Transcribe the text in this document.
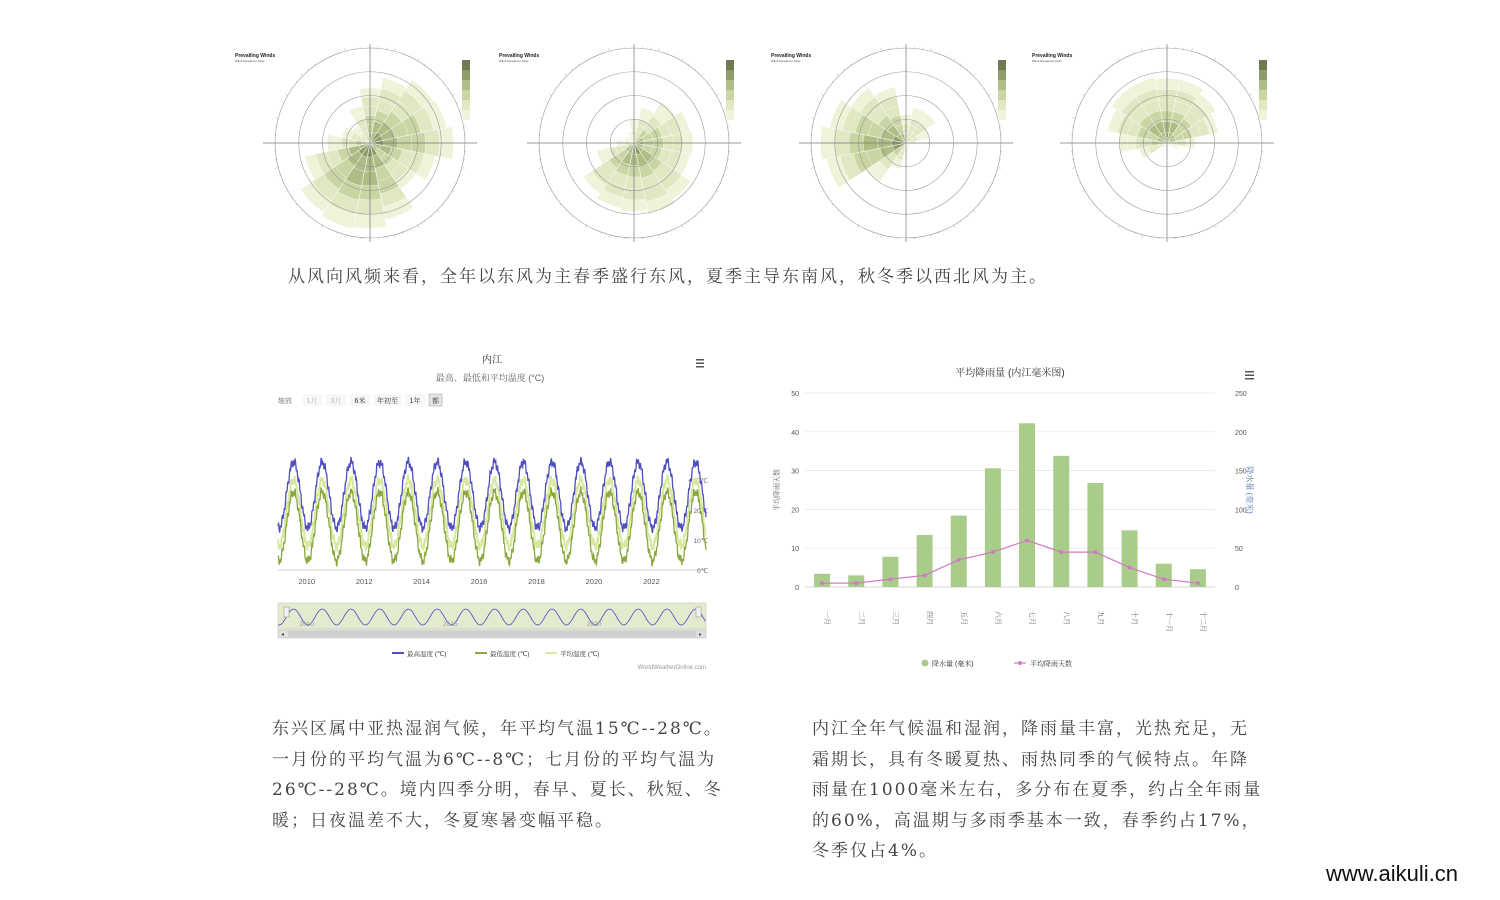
Prevailing Winds
Wind Frequency (Hrs)
Prevailing Winds
Wind Frequency (Hrs)
Prevailing Winds
Wind Frequency (Hrs)
Prevailing Winds
Wind Frequency (Hrs)
从风向风频来看，全年以东风为主春季盛行东风，夏季主导东南风，秋冬季以西北风为主。
内江
最高、最低和平均温度 (°C)
缩放 1月 3月 6米 年初至 1年 都
+ 30℃
20℃
10℃
0℃
2010	2012	2014	2016	2018	2020	2022
2010	2015	2020
◂	▸
最高温度 (℃)	最低温度 (℃)	平均温度 (℃)
WorldWeatherOnline.com
平均降雨量 (内江毫米图)
0
10
20
30
40
50
0
50
100
150
200
250
平均降雨天数	降水量 (毫米)
一月	二月	三月	四月	五月	六月	七月	八月	九月	十月	十一月	十二月
降水量 (毫米)	平均降雨天数
东兴区属中亚热湿润气候，年平均气温15℃--28℃。一月份的平均气温为6℃--8℃；七月份的平均气温为26℃--28℃。境内四季分明，春早、夏长、秋短、冬暖；日夜温差不大，冬夏寒暑变幅平稳。
内江全年气候温和湿润，降雨量丰富，光热充足，无霜期长，具有冬暖夏热、雨热同季的气候特点。年降雨量在1000毫米左右，多分布在夏季，约占全年雨量的60%，高温期与多雨季基本一致，春季约占17%，冬季仅占4%。
www.aikuli.cn
